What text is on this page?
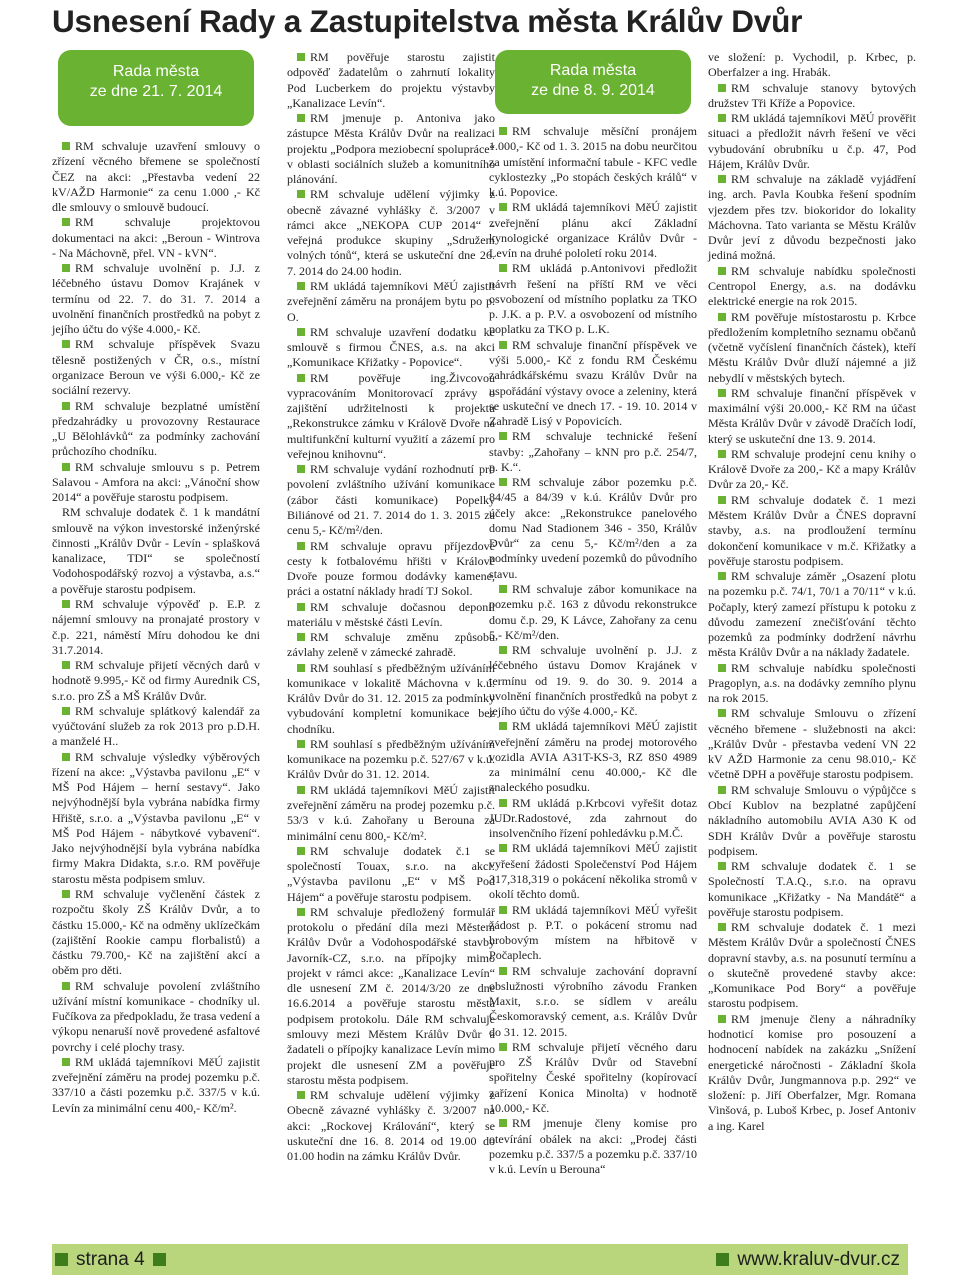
Usnesení Rady a Zastupitelstva města Králův Dvůr
Rada města
ze dne 21. 7. 2014

RM schvaluje uzavření smlouvy o zřízení věcného břemene se společností ČEZ na akci: „Přestavba vedení 22 kV/AŽD Harmonie“ za cenu 1.000 ,- Kč dle smlouvy o smlouvě budoucí.

RM schvaluje projektovou dokumentaci na akci: „Beroun - Wintrova - Na Máchovně, přel. VN - kVN“.

RM schvaluje uvolnění p. J.J. z léčebného ústavu Domov Krajánek v termínu od 22. 7. do 31. 7. 2014 a uvolnění finančních prostředků na pobyt z jejího účtu do výše 4.000,- Kč.

RM schvaluje příspěvek Svazu tělesně postižených v ČR, o.s., místní organizace Beroun ve výši 6.000,- Kč ze sociální rezervy.

RM schvaluje bezplatné umístění předzahrádky u provozovny Restaurace „U Bělohlávků“ za podmínky zachování průchozího chodníku.

RM schvaluje smlouvu s p. Petrem Salavou - Amfora na akci: „Vánoční show 2014“ a pověřuje starostu podpisem.

RM schvaluje dodatek č. 1 k mandátní smlouvě na výkon investorské inženýrské činnosti „Králův Dvůr - Levín - splašková kanalizace, TDI“ se společností Vodohospodářský rozvoj a výstavba, a.s.“ a pověřuje starostu podpisem.

RM schvaluje výpověď p. E.P. z nájemní smlouvy na pronajaté prostory v č.p. 221, náměstí Míru dohodou ke dni 31.7.2014.

RM schvaluje přijetí věcných darů v hodnotě 9.995,- Kč od firmy Aurednik CS, s.r.o. pro ZŠ a MŠ Králův Dvůr.

RM schvaluje splátkový kalendář za vyúčtování služeb za rok 2013 pro p.D.H. a manželé H..

RM schvaluje výsledky výběrových řízení na akce: „Výstavba pavilonu „E“ v MŠ Pod Hájem – herní sestavy“. Jako nejvýhodnější byla vybrána nabídka firmy Hřiště, s.r.o. a „Výstavba pavilonu „E“ v MŠ Pod Hájem - nábytkové vybavení“. Jako nejvýhodnější byla vybrána nabídka firmy Makra Didakta, s.r.o. RM pověřuje starostu města podpisem smluv.

RM schvaluje vyčlenění částek z rozpočtu školy ZŠ Králův Dvůr, a to částku 15.000,- Kč na odměny uklízečkám (zajištění Rookie campu florbalistů) a částku 79.700,- Kč na zajištění akcí a oběm pro děti.

RM schvaluje povolení zvláštního užívání místní komunikace - chodníky ul. Fučíkova za předpokladu, že trasa vedení a výkopu nenaruší nově provedené asfaltové povrchy i celé plochy trasy.

RM ukládá tajemníkovi MěÚ zajistit zveřejnění záměru na prodej pozemku p.č. 337/10 a části pozemku p.č. 337/5 v k.ú. Levín za minimální cenu 400,- Kč/m².

RM pověřuje starostu zajistit odpověď žadatelům o zahrnutí lokality Pod Lucberkem do projektu výstavby „Kanalizace Levín“.

RM jmenuje p. Antoniva jako zástupce Města Králův Dvůr na realizaci projektu „Podpora meziobecní spolupráce“ v oblasti sociálních služeb a komunitního plánování.

RM schvaluje udělení výjimky z obecně závazné vyhlášky č. 3/2007 v rámci akce „NEKOPA CUP 2014“ - veřejná produkce skupiny „Sdružení volných tónů“, která se uskuteční dne 26. 7. 2014 do 24.00 hodin.

RM ukládá tajemníkovi MěÚ zajistit zveřejnění záměru na pronájem bytu po p. O.

RM schvaluje uzavření dodatku ke smlouvě s firmou ČNES, a.s. na akci „Komunikace Křižatky - Popovice“.

RM pověřuje ing.Živcovou vypracováním Monitorovací zprávy o zajištění udržitelnosti k projektu „Rekonstrukce zámku v Králově Dvoře na multifunkční kulturní využití a zázemí pro veřejnou knihovnu“.

RM schvaluje vydání rozhodnutí pro povolení zvláštního užívání komunikace (zábor části komunikace) Popelky Biliánové od 21. 7. 2014 do 1. 3. 2015 za cenu 5,- Kč/m²/den.

RM schvaluje opravu příjezdové cesty k fotbalovému hřišti v Králově Dvoře pouze formou dodávky kamene, práci a ostatní náklady hradí TJ Sokol.

RM schvaluje dočasnou deponii materiálu v městské části Levín.

RM schvaluje změnu způsobu závlahy zeleně v zámecké zahradě.

RM souhlasí s předběžným užíváním komunikace v lokalitě Máchovna v k.ú. Králův Dvůr do 31. 12. 2015 za podmínky vybudování kompletní komunikace bez chodníku.

RM souhlasí s předběžným užíváním komunikace na pozemku p.č. 527/67 v k.ú. Králův Dvůr do 31. 12. 2014.

RM ukládá tajemníkovi MěÚ zajistit zveřejnění záměru na prodej pozemku p.č. 53/3 v k.ú. Zahořany u Berouna za minimální cenu 800,- Kč/m².

RM schvaluje dodatek č.1 se společností Touax, s.r.o. na akci: „Výstavba pavilonu „E“ v MŠ Pod Hájem“ a pověřuje starostu podpisem.

RM schvaluje předložený formulář protokolu o předání díla mezi Městem Králův Dvůr a Vodohospodářské stavby Javorník-CZ, s.r.o. na přípojky mimo projekt v rámci akce: „Kanalizace Levín“ dle usnesení ZM č. 2014/3/20 ze dne 16.6.2014 a pověřuje starostu města podpisem protokolu. Dále RM schvaluje smlouvy mezi Městem Králův Dvůr a žadateli o přípojky kanalizace Levín mimo projekt dle usnesení ZM a pověřuje starostu města podpisem.

RM schvaluje udělení výjimky z Obecně závazné vyhlášky č. 3/2007 na akci: „Rockovej Králování“, který se uskuteční dne 16. 8. 2014 od 19.00 do 01.00 hodin na zámku Králův Dvůr.

Rada města
ze dne 8. 9. 2014

RM schvaluje měsíční pronájem 1.000,- Kč od 1. 3. 2015 na dobu neurčitou za umístění informační tabule - KFC vedle cyklostezky „Po stopách českých králů“ v k.ú. Popovice.

RM ukládá tajemníkovi MěÚ zajistit zveřejnění plánu akcí Základní kynologické organizace Králův Dvůr - Levín na druhé pololetí roku 2014.

RM ukládá p.Antonivovi předložit návrh řešení na příští RM ve věci osvobození od místního poplatku za TKO p. J.K. a p. P.V. a osvobození od místního poplatku za TKO p. L.K.

RM schvaluje finanční příspěvek ve výši 5.000,- Kč z fondu RM Českému zahrádkářskému svazu Králův Dvůr na uspořádání výstavy ovoce a zeleniny, která se uskuteční ve dnech 17. - 19. 10. 2014 v Zahradě Lisý v Popovicích.

RM schvaluje technické řešení stavby: „Zahořany – kNN pro p.č. 254/7, p. K.“.

RM schvaluje zábor pozemku p.č. 84/45 a 84/39 v k.ú. Králův Dvůr pro účely akce: „Rekonstrukce panelového domu Nad Stadionem 346 - 350, Králův Dvůr“ za cenu 5,- Kč/m²/den a za podmínky uvedení pozemků do původního stavu.

RM schvaluje zábor komunikace na pozemku p.č. 163 z důvodu rekonstrukce domu č.p. 29, K Lávce, Zahořany za cenu 5,- Kč/m²/den.

RM schvaluje uvolnění p. J.J. z léčebného ústavu Domov Krajánek v termínu od 19. 9. do 30. 9. 2014 a uvolnění finančních prostředků na pobyt z jejího účtu do výše 4.000,- Kč.

RM ukládá tajemníkovi MěÚ zajistit zveřejnění záměru na prodej motorového vozidla AVIA A31T-KS-3, RZ 8S0 4989 za minimální cenu 40.000,- Kč dle znaleckého posudku.

RM ukládá p.Krbcovi vyřešit dotaz JUDr.Radostové, zda zahrnout do insolvenčního řízení pohledávku p.M.Č.

RM ukládá tajemníkovi MěÚ zajistit vyřešení žádosti Společenství Pod Hájem 317,318,319 o pokácení několika stromů v okolí těchto domů.

RM ukládá tajemníkovi MěÚ vyřešit žádost p. P.T. o pokácení stromu nad hrobovým místem na hřbitově v Počaplech.

RM schvaluje zachování dopravní obslužnosti výrobního závodu Franken Maxit, s.r.o. se sídlem v areálu Českomoravský cement, a.s. Králův Dvůr do 31. 12. 2015.

RM schvaluje přijetí věcného daru pro ZŠ Králův Dvůr od Stavební spořitelny České spořitelny (kopírovací zařízení Konica Minolta) v hodnotě 10.000,- Kč.

RM jmenuje členy komise pro otevírání obálek na akci: „Prodej části pozemku p.č. 337/5 a pozemku p.č. 337/10 v k.ú. Levín u Berouna“

ve složení: p. Vychodil, p. Krbec, p. Oberfalzer a ing. Hrabák.

RM schvaluje stanovy bytových družstev Tři Kříže a Popovice.

RM ukládá tajemníkovi MěÚ prověřit situaci a předložit návrh řešení ve věci vybudování obrubníku u č.p. 47, Pod Hájem, Králův Dvůr.

RM schvaluje na základě vyjádření ing. arch. Pavla Koubka řešení spodním vjezdem přes tzv. biokoridor do lokality Máchovna. Tato varianta se Městu Králův Dvůr jeví z důvodu bezpečnosti jako jediná možná.

RM schvaluje nabídku společnosti Centropol Energy, a.s. na dodávku elektrické energie na rok 2015.

RM pověřuje místostarostu p. Krbce předložením kompletního seznamu občanů (včetně vyčíslení finančních částek), kteří Městu Králův Dvůr dluží nájemné a již nebydlí v městských bytech.

RM schvaluje finanční příspěvek v maximální výši 20.000,- Kč RM na účast Města Králův Dvůr v závodě Dračích lodí, který se uskuteční dne 13. 9. 2014.

RM schvaluje prodejní cenu knihy o Králově Dvoře za 200,- Kč a mapy Králův Dvůr za 20,- Kč.

RM schvaluje dodatek č. 1 mezi Městem Králův Dvůr a ČNES dopravní stavby, a.s. na prodloužení termínu dokončení komunikace v m.č. Křižatky a pověřuje starostu podpisem.

RM schvaluje záměr „Osazení plotu na pozemku p.č. 74/1, 70/1 a 70/11“ v k.ú. Počaply, který zamezí přístupu k potoku z důvodu zamezení znečišťování těchto pozemků za podmínky dodržení návrhu města Králův Dvůr a na náklady žadatele.

RM schvaluje nabídku společnosti Pragoplyn, a.s. na dodávky zemního plynu na rok 2015.

RM schvaluje Smlouvu o zřízení věcného břemene - služebnosti na akci: „Králův Dvůr - přestavba vedení VN 22 kV AŽD Harmonie za cenu 98.010,- Kč včetně DPH a pověřuje starostu podpisem.

RM schvaluje Smlouvu o výpůjčce s Obcí Kublov na bezplatné zapůjčení nákladního automobilu AVIA A30 K od SDH Králův Dvůr a pověřuje starostu podpisem.

RM schvaluje dodatek č. 1 se Společností T.A.Q., s.r.o. na opravu komunikace „Křižatky - Na Mandátě“ a pověřuje starostu podpisem.

RM schvaluje dodatek č. 1 mezi Městem Králův Dvůr a společností ČNES dopravní stavby, a.s. na posunutí termínu a o skutečně provedené stavby akce: „Komunikace Pod Bory“ a pověřuje starostu podpisem.

RM jmenuje členy a náhradníky hodnoticí komise pro posouzení a hodnocení nabídek na zakázku „Snížení energetické náročnosti - Základní škola Králův Dvůr, Jungmannova p.p. 292“ ve složení: p. Jiří Oberfalzer, Mgr. Romana Vinšová, p. Luboš Krbec, p. Josef Antoniv a ing. Karel

strana 4	www.kraluv-dvur.cz
